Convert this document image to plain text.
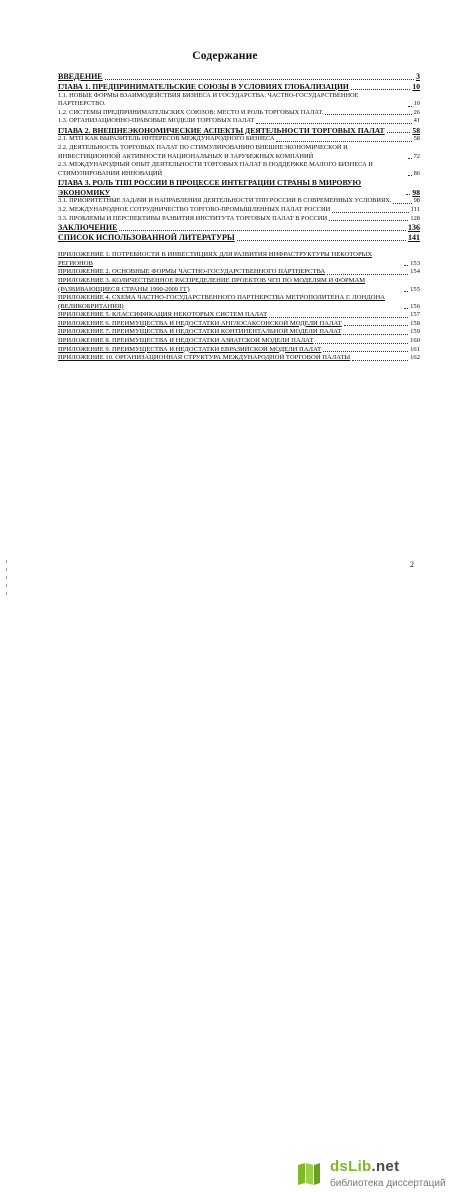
Содержание
ВВЕДЕНИЕ	3
ГЛАВА 1. ПРЕДПРИНИМАТЕЛЬСКИЕ СОЮЗЫ В УСЛОВИЯХ ГЛОБАЛИЗАЦИИ	10
1.1. НОВЫЕ ФОРМЫ ВЗАИМОДЕЙСТВИЯ БИЗНЕСА И ГОСУДАРСТВА: ЧАСТНО-ГОСУДАРСТВЕННОЕ ПАРТНЕРСТВО.	10
1.2. СИСТЕМЫ ПРЕДПРИНИМАТЕЛЬСКИХ СОЮЗОВ: МЕСТО И РОЛЬ ТОРГОВЫХ ПАЛАТ.	26
1.3. ОРГАНИЗАЦИОННО-ПРАВОВЫЕ МОДЕЛИ ТОРГОВЫХ ПАЛАТ	41
ГЛАВА 2. ВНЕШНЕЭКОНОМИЧЕСКИЕ АСПЕКТЫ ДЕЯТЕЛЬНОСТИ ТОРГОВЫХ ПАЛАТ	58
2.1. МТП КАК ВЫРАЗИТЕЛЬ ИНТЕРЕСОВ МЕЖДУНАРОДНОГО БИЗНЕСА	58
2.2. ДЕЯТЕЛЬНОСТЬ ТОРГОВЫХ ПАЛАТ ПО СТИМУЛИРОВАНИЮ ВНЕШНЕЭКОНОМИЧЕСКОЙ И ИНВЕСТИЦИОННОЙ АКТИВНОСТИ НАЦИОНАЛЬНЫХ И ЗАРУБЕЖНЫХ КОМПАНИЙ	72
2.3. МЕЖДУНАРОДНЫЙ ОПЫТ ДЕЯТЕЛЬНОСТИ ТОРГОВЫХ ПАЛАТ В ПОДДЕРЖКЕ МАЛОГО БИЗНЕСА И СТИМУЛИРОВАНИИ ИННОВАЦИЙ	86
ГЛАВА 3. РОЛЬ ТПП РОССИИ В ПРОЦЕССЕ ИНТЕГРАЦИИ СТРАНЫ В МИРОВУЮ ЭКОНОМИКУ	98
3.1. ПРИОРИТЕТНЫЕ ЗАДАЧИ И НАПРАВЛЕНИЯ ДЕЯТЕЛЬНОСТИ ТПП РОССИИ В СОВРЕМЕННЫХ УСЛОВИЯХ.	98
3.2. МЕЖДУНАРОДНОЕ СОТРУДНИЧЕСТВО ТОРГОВО-ПРОМЫШЛЕННЫХ ПАЛАТ РОССИИ	111
3.3. ПРОБЛЕМЫ И ПЕРСПЕКТИВЫ РАЗВИТИЯ ИНСТИТУТА ТОРГОВЫХ ПАЛАТ В РОССИИ	128
ЗАКЛЮЧЕНИЕ	136
СПИСОК ИСПОЛЬЗОВАННОЙ ЛИТЕРАТУРЫ	141
ПРИЛОЖЕНИЕ 1. ПОТРЕБНОСТИ В ИНВЕСТИЦИЯХ ДЛЯ РАЗВИТИЯ ИНФРАСТРУКТУРЫ НЕКОТОРЫХ РЕГИОНОВ	153
ПРИЛОЖЕНИЕ 2. ОСНОВНЫЕ ФОРМЫ ЧАСТНО-ГОСУДАРСТВЕННОГО ПАРТНЕРСТВА	154
ПРИЛОЖЕНИЕ 3. КОЛИЧЕСТВЕННОЕ РАСПРЕДЕЛЕНИЕ ПРОЕКТОВ ЧГП ПО МОДЕЛЯМ И ФОРМАМ (РАЗВИВАЮЩИЕСЯ СТРАНЫ 1990-2009 ГГ)	155
ПРИЛОЖЕНИЕ 4. СХЕМА ЧАСТНО-ГОСУДАРСТВЕННОГО ПАРТНЕРСТВА МЕТРОПОЛИТЕНА Г. ЛОНДОНА (ВЕЛИКОБРИТАНИЯ)	156
ПРИЛОЖЕНИЕ 5. КЛАССИФИКАЦИЯ НЕКОТОРЫХ СИСТЕМ ПАЛАТ	157
ПРИЛОЖЕНИЕ 6. ПРЕИМУЩЕСТВА И НЕДОСТАТКИ АНГЛОСАКСОНСКОЙ МОДЕЛИ ПАЛАТ	158
ПРИЛОЖЕНИЕ 7. ПРЕИМУЩЕСТВА И НЕДОСТАТКИ КОНТИНЕНТАЛЬНОЙ МОДЕЛИ ПАЛАТ	159
ПРИЛОЖЕНИЕ 8. ПРЕИМУЩЕСТВА И НЕДОСТАТКИ АЗИАТСКОЙ МОДЕЛИ ПАЛАТ	160
ПРИЛОЖЕНИЕ 9. ПРЕИМУЩЕСТВА И НЕДОСТАТКИ ЕВРАЗИЙСКОЙ МОДЕЛИ ПАЛАТ	161
ПРИЛОЖЕНИЕ 10. ОРГАНИЗАЦИОННАЯ СТРУКТУРА МЕЖДУНАРОДНОЙ ТОРГОВОЙ ПАЛАТЫ	162
2
dsLib.net
библиотека диссертаций
